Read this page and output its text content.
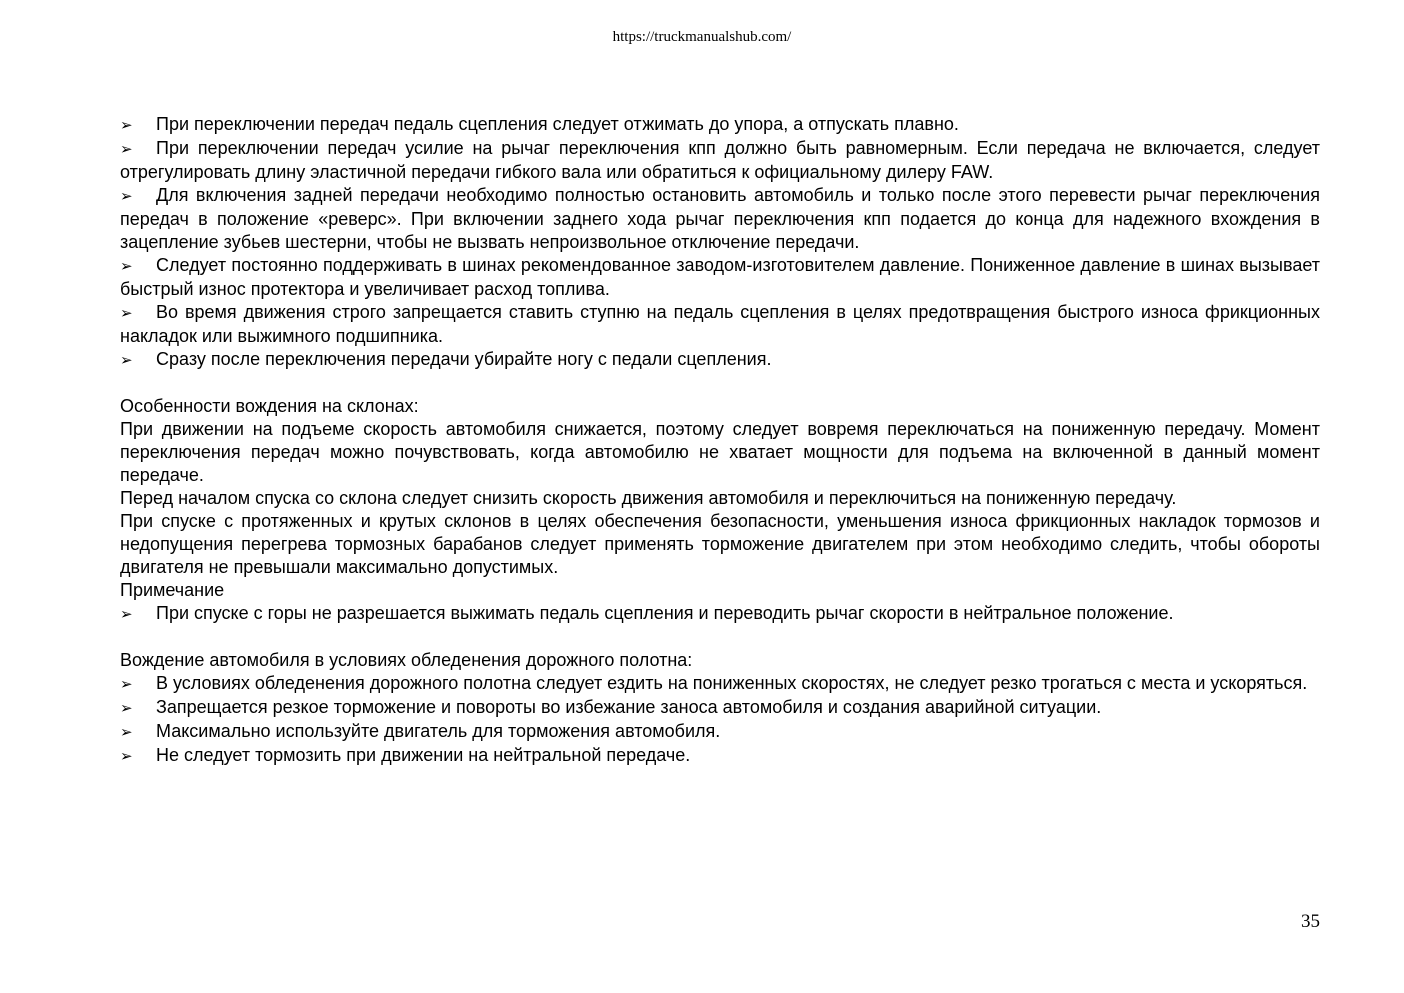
https://truckmanualshub.com/

➢ При переключении передач педаль сцепления следует отжимать до упора, а отпускать плавно.

➢ При переключении передач усилие на рычаг переключения кпп должно быть равномерным. Если передача не включается, следует отрегулировать длину эластичной передачи гибкого вала или обратиться к официальному дилеру FAW.

➢ Для включения задней передачи необходимо полностью остановить автомобиль и только после этого перевести рычаг переключения передач в положение «реверс». При включении заднего хода рычаг переключения кпп подается до конца для надежного вхождения в зацепление зубьев шестерни, чтобы не вызвать непроизвольное отключение передачи.

➢ Следует постоянно поддерживать в шинах рекомендованное заводом-изготовителем давление. Пониженное давление в шинах вызывает быстрый износ протектора и увеличивает расход топлива.

➢ Во время движения строго запрещается ставить ступню на педаль сцепления в целях предотвращения быстрого износа фрикционных накладок или выжимного подшипника.

➢ Сразу после переключения передачи убирайте ногу с педали сцепления.

Особенности вождения на склонах:

При движении на подъеме скорость автомобиля снижается, поэтому следует вовремя переключаться на пониженную передачу. Момент переключения передач можно почувствовать, когда автомобилю не хватает мощности для подъема на включенной в данный момент передаче.

Перед началом спуска со склона следует снизить скорость движения автомобиля и переключиться на пониженную передачу.

При спуске с протяженных и крутых склонов в целях обеспечения безопасности, уменьшения износа фрикционных накладок тормозов и недопущения перегрева тормозных барабанов следует применять торможение двигателем при этом необходимо следить, чтобы обороты двигателя не превышали максимально допустимых.

Примечание

➢ При спуске с горы не разрешается выжимать педаль сцепления и переводить рычаг скорости в нейтральное положение.

Вождение автомобиля в условиях обледенения дорожного полотна:

➢ В условиях обледенения дорожного полотна следует ездить на пониженных скоростях, не следует резко трогаться с места и ускоряться.

➢ Запрещается резкое торможение и повороты во избежание заноса автомобиля и создания аварийной ситуации.

➢ Максимально используйте двигатель для торможения автомобиля.

➢ Не следует тормозить при движении на нейтральной передаче.

35
